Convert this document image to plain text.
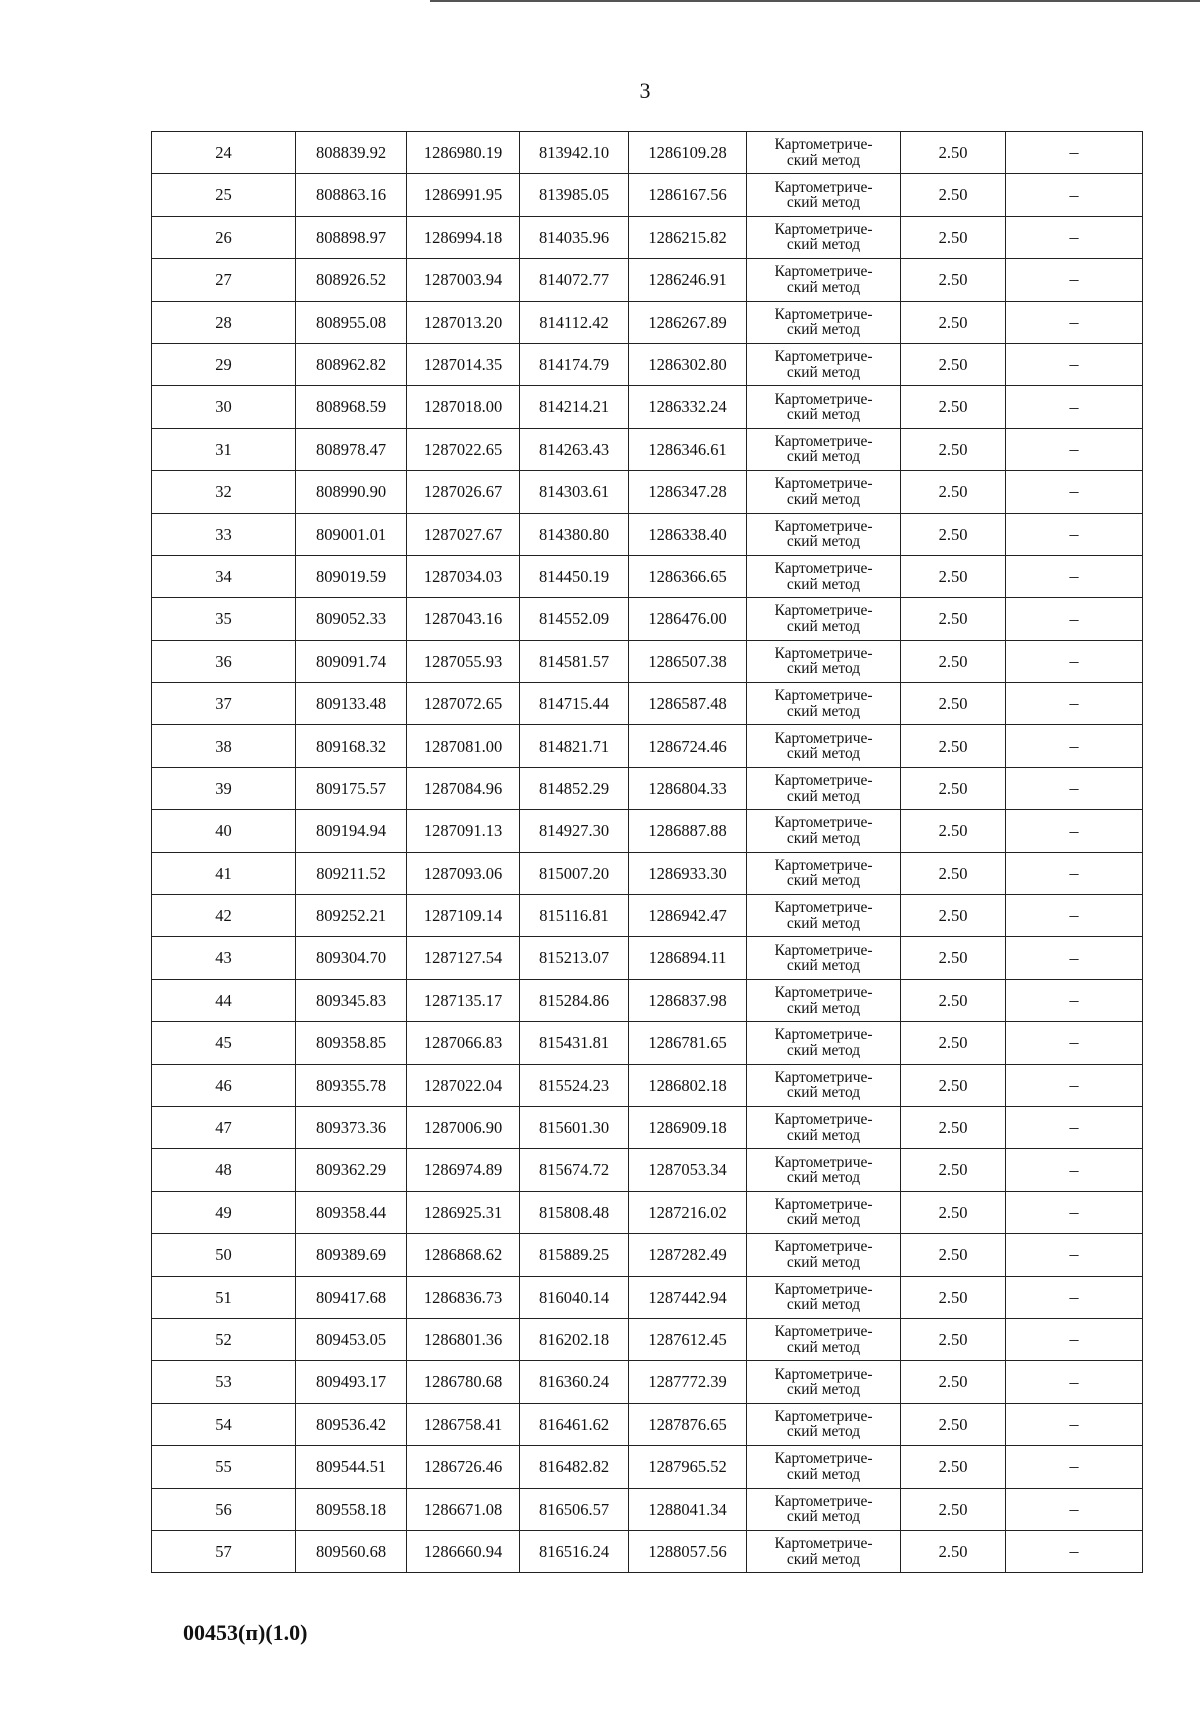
3
24	808839.92	1286980.19	813942.10	1286109.28	Картометриче-
ский метод	2.50	–
25	808863.16	1286991.95	813985.05	1286167.56	Картометриче-
ский метод	2.50	–
26	808898.97	1286994.18	814035.96	1286215.82	Картометриче-
ский метод	2.50	–
27	808926.52	1287003.94	814072.77	1286246.91	Картометриче-
ский метод	2.50	–
28	808955.08	1287013.20	814112.42	1286267.89	Картометриче-
ский метод	2.50	–
29	808962.82	1287014.35	814174.79	1286302.80	Картометриче-
ский метод	2.50	–
30	808968.59	1287018.00	814214.21	1286332.24	Картометриче-
ский метод	2.50	–
31	808978.47	1287022.65	814263.43	1286346.61	Картометриче-
ский метод	2.50	–
32	808990.90	1287026.67	814303.61	1286347.28	Картометриче-
ский метод	2.50	–
33	809001.01	1287027.67	814380.80	1286338.40	Картометриче-
ский метод	2.50	–
34	809019.59	1287034.03	814450.19	1286366.65	Картометриче-
ский метод	2.50	–
35	809052.33	1287043.16	814552.09	1286476.00	Картометриче-
ский метод	2.50	–
36	809091.74	1287055.93	814581.57	1286507.38	Картометриче-
ский метод	2.50	–
37	809133.48	1287072.65	814715.44	1286587.48	Картометриче-
ский метод	2.50	–
38	809168.32	1287081.00	814821.71	1286724.46	Картометриче-
ский метод	2.50	–
39	809175.57	1287084.96	814852.29	1286804.33	Картометриче-
ский метод	2.50	–
40	809194.94	1287091.13	814927.30	1286887.88	Картометриче-
ский метод	2.50	–
41	809211.52	1287093.06	815007.20	1286933.30	Картометриче-
ский метод	2.50	–
42	809252.21	1287109.14	815116.81	1286942.47	Картометриче-
ский метод	2.50	–
43	809304.70	1287127.54	815213.07	1286894.11	Картометриче-
ский метод	2.50	–
44	809345.83	1287135.17	815284.86	1286837.98	Картометриче-
ский метод	2.50	–
45	809358.85	1287066.83	815431.81	1286781.65	Картометриче-
ский метод	2.50	–
46	809355.78	1287022.04	815524.23	1286802.18	Картометриче-
ский метод	2.50	–
47	809373.36	1287006.90	815601.30	1286909.18	Картометриче-
ский метод	2.50	–
48	809362.29	1286974.89	815674.72	1287053.34	Картометриче-
ский метод	2.50	–
49	809358.44	1286925.31	815808.48	1287216.02	Картометриче-
ский метод	2.50	–
50	809389.69	1286868.62	815889.25	1287282.49	Картометриче-
ский метод	2.50	–
51	809417.68	1286836.73	816040.14	1287442.94	Картометриче-
ский метод	2.50	–
52	809453.05	1286801.36	816202.18	1287612.45	Картометриче-
ский метод	2.50	–
53	809493.17	1286780.68	816360.24	1287772.39	Картометриче-
ский метод	2.50	–
54	809536.42	1286758.41	816461.62	1287876.65	Картометриче-
ский метод	2.50	–
55	809544.51	1286726.46	816482.82	1287965.52	Картометриче-
ский метод	2.50	–
56	809558.18	1286671.08	816506.57	1288041.34	Картометриче-
ский метод	2.50	–
57	809560.68	1286660.94	816516.24	1288057.56	Картометриче-
ский метод	2.50	–
00453(п)(1.0)
